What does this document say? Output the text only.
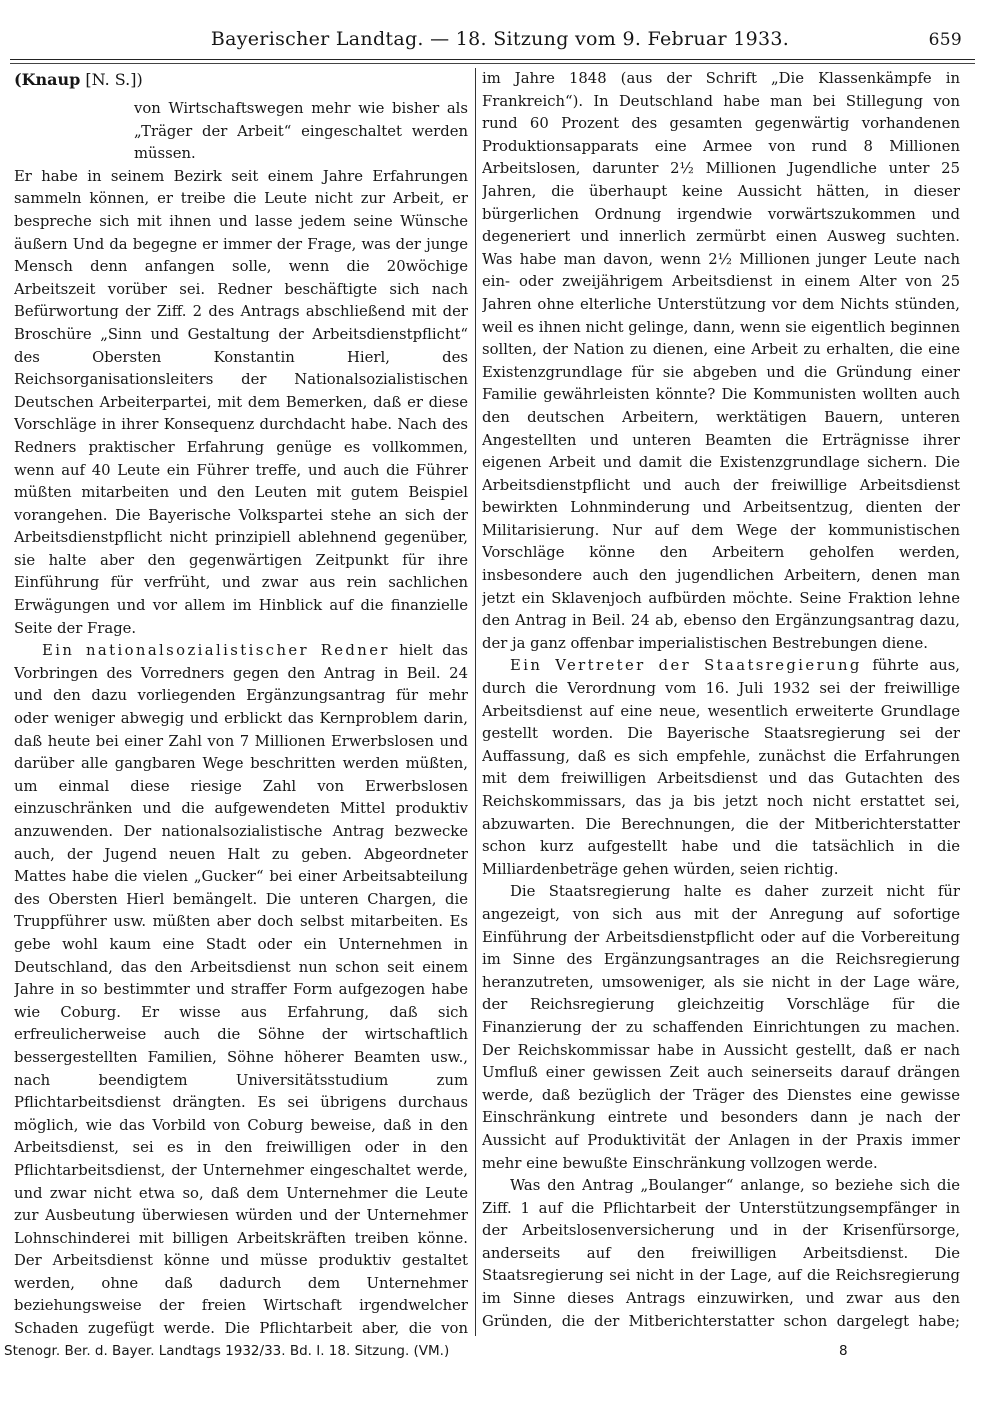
Bayerischer Landtag. — 18. Sitzung vom 9. Februar 1933.	659
(Knaup [N. S.])

von Wirtschaftswegen mehr wie bisher als „Träger der Arbeit“ eingeschaltet werden müssen.

Er habe in seinem Bezirk seit einem Jahre Erfahrungen sammeln können, er treibe die Leute nicht zur Arbeit, er bespreche sich mit ihnen und lasse jedem seine Wünsche äußern Und da begegne er immer der Frage, was der junge Mensch denn anfangen solle, wenn die 20wöchige Arbeitszeit vorüber sei. Redner beschäftigte sich nach Befürwortung der Ziff. 2 des Antrags abschließend mit der Broschüre „Sinn und Gestaltung der Arbeitsdienstpflicht“ des Obersten Konstantin Hierl, des Reichsorganisationsleiters der Nationalsozialistischen Deutschen Arbeiterpartei, mit dem Bemerken, daß er diese Vorschläge in ihrer Konsequenz durchdacht habe. Nach des Redners praktischer Erfahrung genüge es vollkommen, wenn auf 40 Leute ein Führer treffe, und auch die Führer müßten mitarbeiten und den Leuten mit gutem Beispiel vorangehen. Die Bayerische Volkspartei stehe an sich der Arbeitsdienstpflicht nicht prinzipiell ablehnend gegenüber, sie halte aber den gegenwärtigen Zeitpunkt für ihre Einführung für verfrüht, und zwar aus rein sachlichen Erwägungen und vor allem im Hinblick auf die finanzielle Seite der Frage.

Ein nationalsozialistischer Redner hielt das Vorbringen des Vorredners gegen den Antrag in Beil. 24 und den dazu vorliegenden Ergänzungsantrag für mehr oder weniger abwegig und erblickt das Kernproblem darin, daß heute bei einer Zahl von 7 Millionen Erwerbslosen und darüber alle gangbaren Wege beschritten werden müßten, um einmal diese riesige Zahl von Erwerbslosen einzuschränken und die aufgewendeten Mittel produktiv anzuwenden. Der nationalsozialistische Antrag bezwecke auch, der Jugend neuen Halt zu geben. Abgeordneter Mattes habe die vielen „Gucker“ bei einer Arbeitsabteilung des Obersten Hierl bemängelt. Die unteren Chargen, die Truppführer usw. müßten aber doch selbst mitarbeiten. Es gebe wohl kaum eine Stadt oder ein Unternehmen in Deutschland, das den Arbeitsdienst nun schon seit einem Jahre in so bestimmter und straffer Form aufgezogen habe wie Coburg. Er wisse aus Erfahrung, daß sich erfreulicherweise auch die Söhne der wirtschaftlich bessergestellten Familien, Söhne höherer Beamten usw., nach beendigtem Universitätsstudium zum Pflichtarbeitsdienst drängten. Es sei übrigens durchaus möglich, wie das Vorbild von Coburg beweise, daß in den Arbeitsdienst, sei es in den freiwilligen oder in den Pflichtarbeitsdienst, der Unternehmer eingeschaltet werde, und zwar nicht etwa so, daß dem Unternehmer die Leute zur Ausbeutung überwiesen würden und der Unternehmer Lohnschinderei mit billigen Arbeitskräften treiben könne. Der Arbeitsdienst könne und müsse produktiv gestaltet werden, ohne daß dadurch dem Unternehmer beziehungsweise der freien Wirtschaft irgendwelcher Schaden zugefügt werde. Die Pflichtarbeit aber, die von

im Jahre 1848 (aus der Schrift „Die Klassenkämpfe in Frankreich“). In Deutschland habe man bei Stillegung von rund 60 Prozent des gesamten gegenwärtig vorhandenen Produktionsapparats eine Armee von rund 8 Millionen Arbeitslosen, darunter 2½ Millionen Jugendliche unter 25 Jahren, die überhaupt keine Aussicht hätten, in dieser bürgerlichen Ordnung irgendwie vorwärtszukommen und degeneriert und innerlich zermürbt einen Ausweg suchten. Was habe man davon, wenn 2½ Millionen junger Leute nach ein- oder zweijährigem Arbeitsdienst in einem Alter von 25 Jahren ohne elterliche Unterstützung vor dem Nichts stünden, weil es ihnen nicht gelinge, dann, wenn sie eigentlich beginnen sollten, der Nation zu dienen, eine Arbeit zu erhalten, die eine Existenzgrundlage für sie abgeben und die Gründung einer Familie gewährleisten könnte? Die Kommunisten wollten auch den deutschen Arbeitern, werktätigen Bauern, unteren Angestellten und unteren Beamten die Erträgnisse ihrer eigenen Arbeit und damit die Existenzgrundlage sichern. Die Arbeitsdienstpflicht und auch der freiwillige Arbeitsdienst bewirkten Lohnminderung und Arbeitsentzug, dienten der Militarisierung. Nur auf dem Wege der kommunistischen Vorschläge könne den Arbeitern geholfen werden, insbesondere auch den jugendlichen Arbeitern, denen man jetzt ein Sklavenjoch aufbürden möchte. Seine Fraktion lehne den Antrag in Beil. 24 ab, ebenso den Ergänzungsantrag dazu, der ja ganz offenbar imperialistischen Bestrebungen diene.

Ein Vertreter der Staatsregierung führte aus, durch die Verordnung vom 16. Juli 1932 sei der freiwillige Arbeitsdienst auf eine neue, wesentlich erweiterte Grundlage gestellt worden. Die Bayerische Staatsregierung sei der Auffassung, daß es sich empfehle, zunächst die Erfahrungen mit dem freiwilligen Arbeitsdienst und das Gutachten des Reichskommissars, das ja bis jetzt noch nicht erstattet sei, abzuwarten. Die Berechnungen, die der Mitberichterstatter schon kurz aufgestellt habe und die tatsächlich in die Milliardenbeträge gehen würden, seien richtig.

Die Staatsregierung halte es daher zurzeit nicht für angezeigt, von sich aus mit der Anregung auf sofortige Einführung der Arbeitsdienstpflicht oder auf die Vorbereitung im Sinne des Ergänzungsantrages an die Reichsregierung heranzutreten, umsoweniger, als sie nicht in der Lage wäre, der Reichsregierung gleichzeitig Vorschläge für die Finanzierung der zu schaffenden Einrichtungen zu machen. Der Reichskommissar habe in Aussicht gestellt, daß er nach Umfluß einer gewissen Zeit auch seinerseits darauf drängen werde, daß bezüglich der Träger des Dienstes eine gewisse Einschränkung eintrete und besonders dann je nach der Aussicht auf Produktivität der Anlagen in der Praxis immer mehr eine bewußte Einschränkung vollzogen werde.

Was den Antrag „Boulanger“ anlange, so beziehe sich die Ziff. 1 auf die Pflichtarbeit der Unterstützungsempfänger in der Arbeitslosenversicherung und in der Krisenfürsorge, anderseits auf den freiwilligen Arbeitsdienst. Die Staatsregierung sei nicht in der Lage, auf die Reichsregierung im Sinne dieses Antrags einzuwirken, und zwar aus den Gründen, die der Mitberichterstatter schon dargelegt habe;

Stenogr. Ber. d. Bayer. Landtags 1932/33. Bd. I. 18. Sitzung. (VM.)	8
